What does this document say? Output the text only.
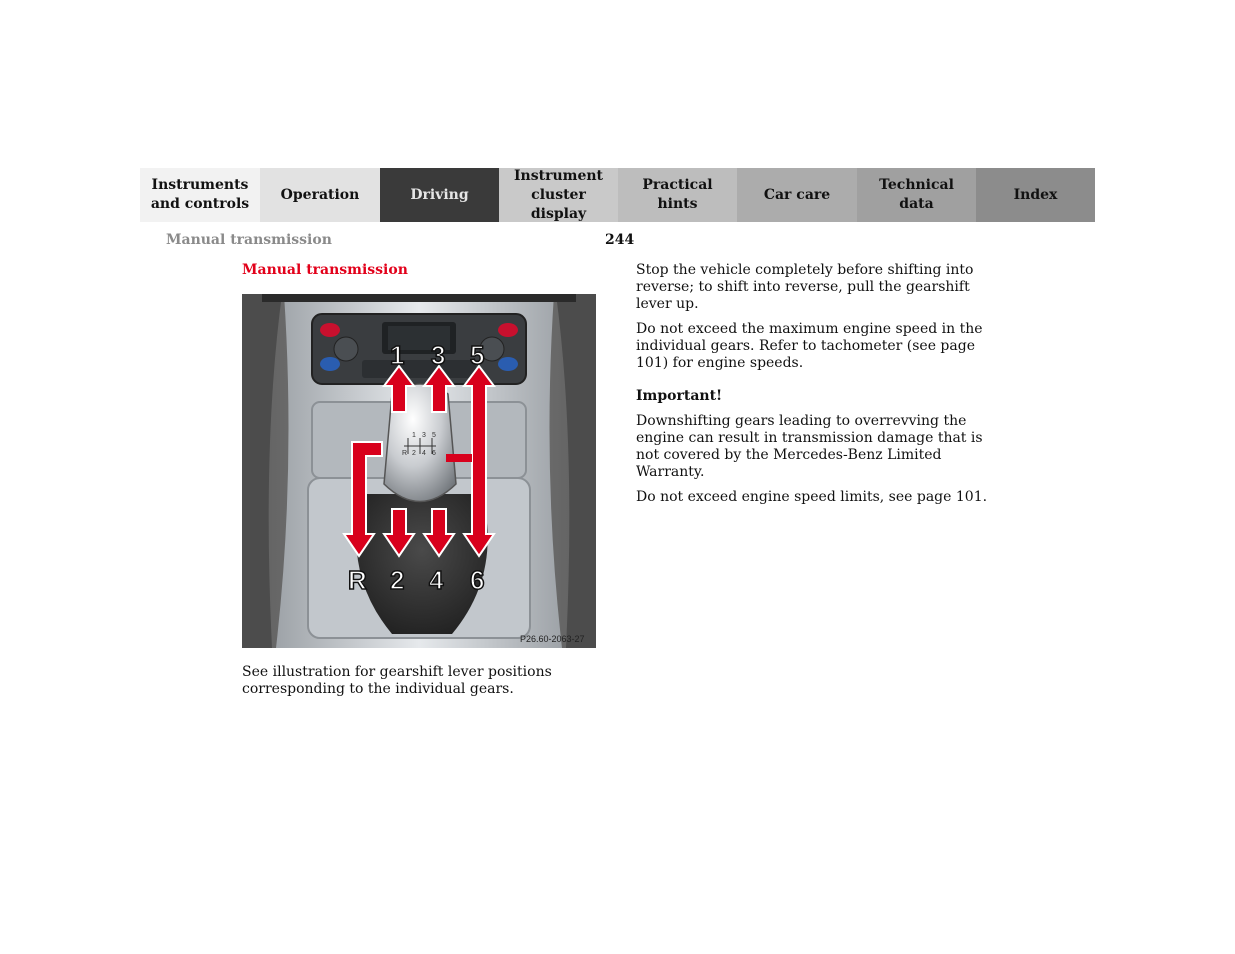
Instruments
and controls
Operation	Driving
Instrument
cluster display
Practical hints
Car care
Technical
data
Index
Manual transmission	244
Manual transmission
1 3 5
R 2 4 6
1 3 5
R 2 4 6
P26.60-2063-27
See illustration for gearshift lever positions corresponding to the individual gears.

Stop the vehicle completely before shifting into reverse; to shift into reverse, pull the gearshift lever up.

Do not exceed the maximum engine speed in the individual gears. Refer to tachometer (see page 101) for engine speeds.

Important!

Downshifting gears leading to overrevving the engine can result in transmission damage that is not covered by the Mercedes-Benz Limited Warranty.

Do not exceed engine speed limits, see page 101.
